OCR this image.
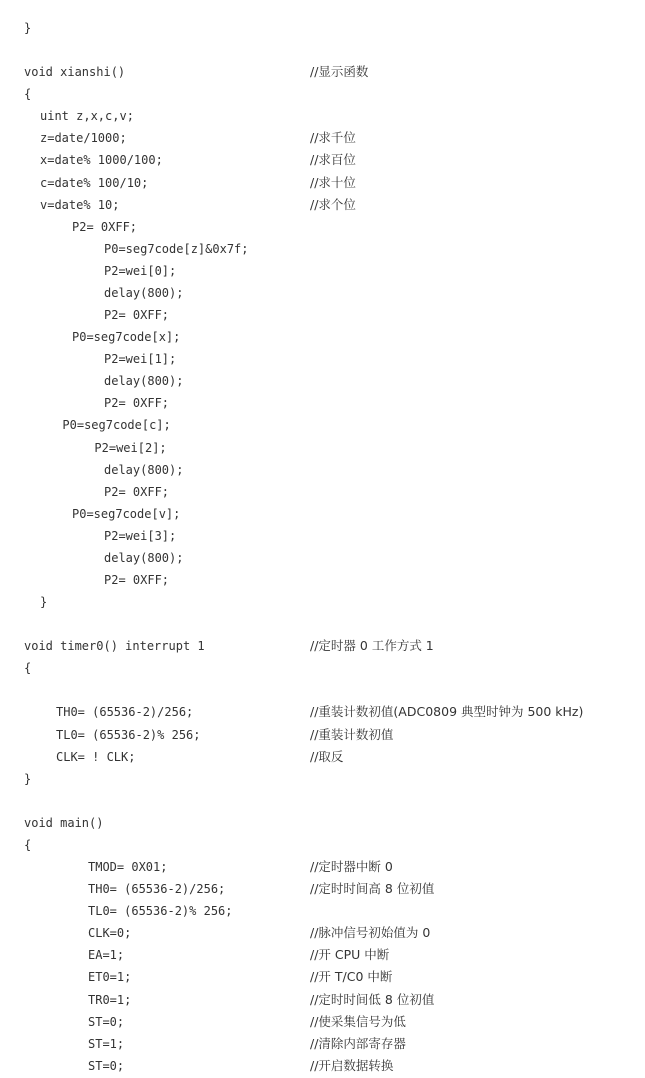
}
void xianshi()	//显示函数
{
uint z,x,c,v;
z=date/1000;	//求千位
x=date% 1000/100;	//求百位
c=date% 100/10;	//求十位
v=date% 10;	//求个位
P2= 0XFF;
P0=seg7code[z]&0x7f;
P2=wei[0];
delay(800);
P2= 0XFF;
P0=seg7code[x];
P2=wei[1];
delay(800);
P2= 0XFF;
P0=seg7code[c];
P2=wei[2];
delay(800);
P2= 0XFF;
P0=seg7code[v];
P2=wei[3];
delay(800);
P2= 0XFF;
}
void timer0() interrupt 1	//定时器 0 工作方式 1
{
TH0= (65536-2)/256;	//重装计数初值(ADC0809 典型时钟为 500 kHz)
TL0= (65536-2)% 256;	//重装计数初值
CLK= ! CLK;	//取反
}
void main()
{
TMOD= 0X01;	//定时器中断 0
TH0= (65536-2)/256;	//定时时间高 8 位初值
TL0= (65536-2)% 256;
CLK=0;	//脉冲信号初始值为 0
EA=1;	//开 CPU 中断
ET0=1;	//开 T/C0 中断
TR0=1;	//定时时间低 8 位初值
ST=0;	//使采集信号为低
ST=1;	//清除内部寄存器
ST=0;	//开启数据转换
